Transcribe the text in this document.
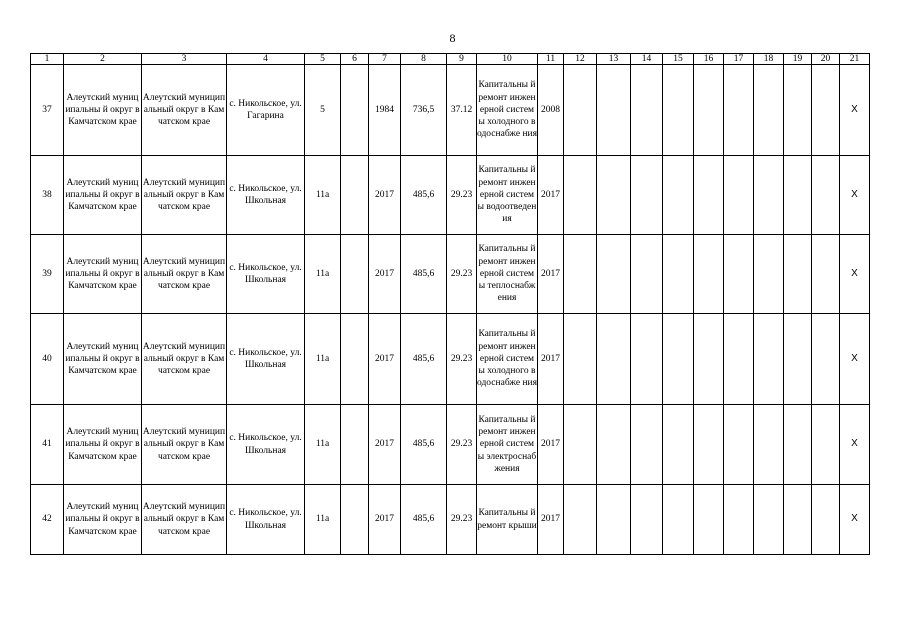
8
1	2	3	4	5	6	7	8	9	10	11	12	13	14	15	16	17	18	19	20	21
37	Алеутский муниципальны й округ в Камчатском крае	Алеутский муниципальный округ в Камчатском крае	с. Никольское, ул. Гагарина	5		1984	736,5	37.12	Капитальны й ремонт инженерной системы холодного водоснабже ния	2008										X
38	Алеутский муниципальны й округ в Камчатском крае	Алеутский муниципальный округ в Камчатском крае	с. Никольское, ул. Школьная	11а		2017	485,6	29.23	Капитальны й ремонт инженерной системы водоотведен ия	2017										X
39	Алеутский муниципальны й округ в Камчатском крае	Алеутский муниципальный округ в Камчатском крае	с. Никольское, ул. Школьная	11а		2017	485,6	29.23	Капитальны й ремонт инженерной системы теплоснабж ения	2017										X
40	Алеутский муниципальны й округ в Камчатском крае	Алеутский муниципальный округ в Камчатском крае	с. Никольское, ул. Школьная	11а		2017	485,6	29.23	Капитальны й ремонт инженерной системы холодного водоснабже ния	2017										X
41	Алеутский муниципальны й округ в Камчатском крае	Алеутский муниципальный округ в Камчатском крае	с. Никольское, ул. Школьная	11а		2017	485,6	29.23	Капитальны й ремонт инженерной системы электроснаб жения	2017										X
42	Алеутский муниципальны й округ в Камчатском крае	Алеутский муниципальный округ в Камчатском крае	с. Никольское, ул. Школьная	11а		2017	485,6	29.23	Капитальны й ремонт крыши	2017										X
